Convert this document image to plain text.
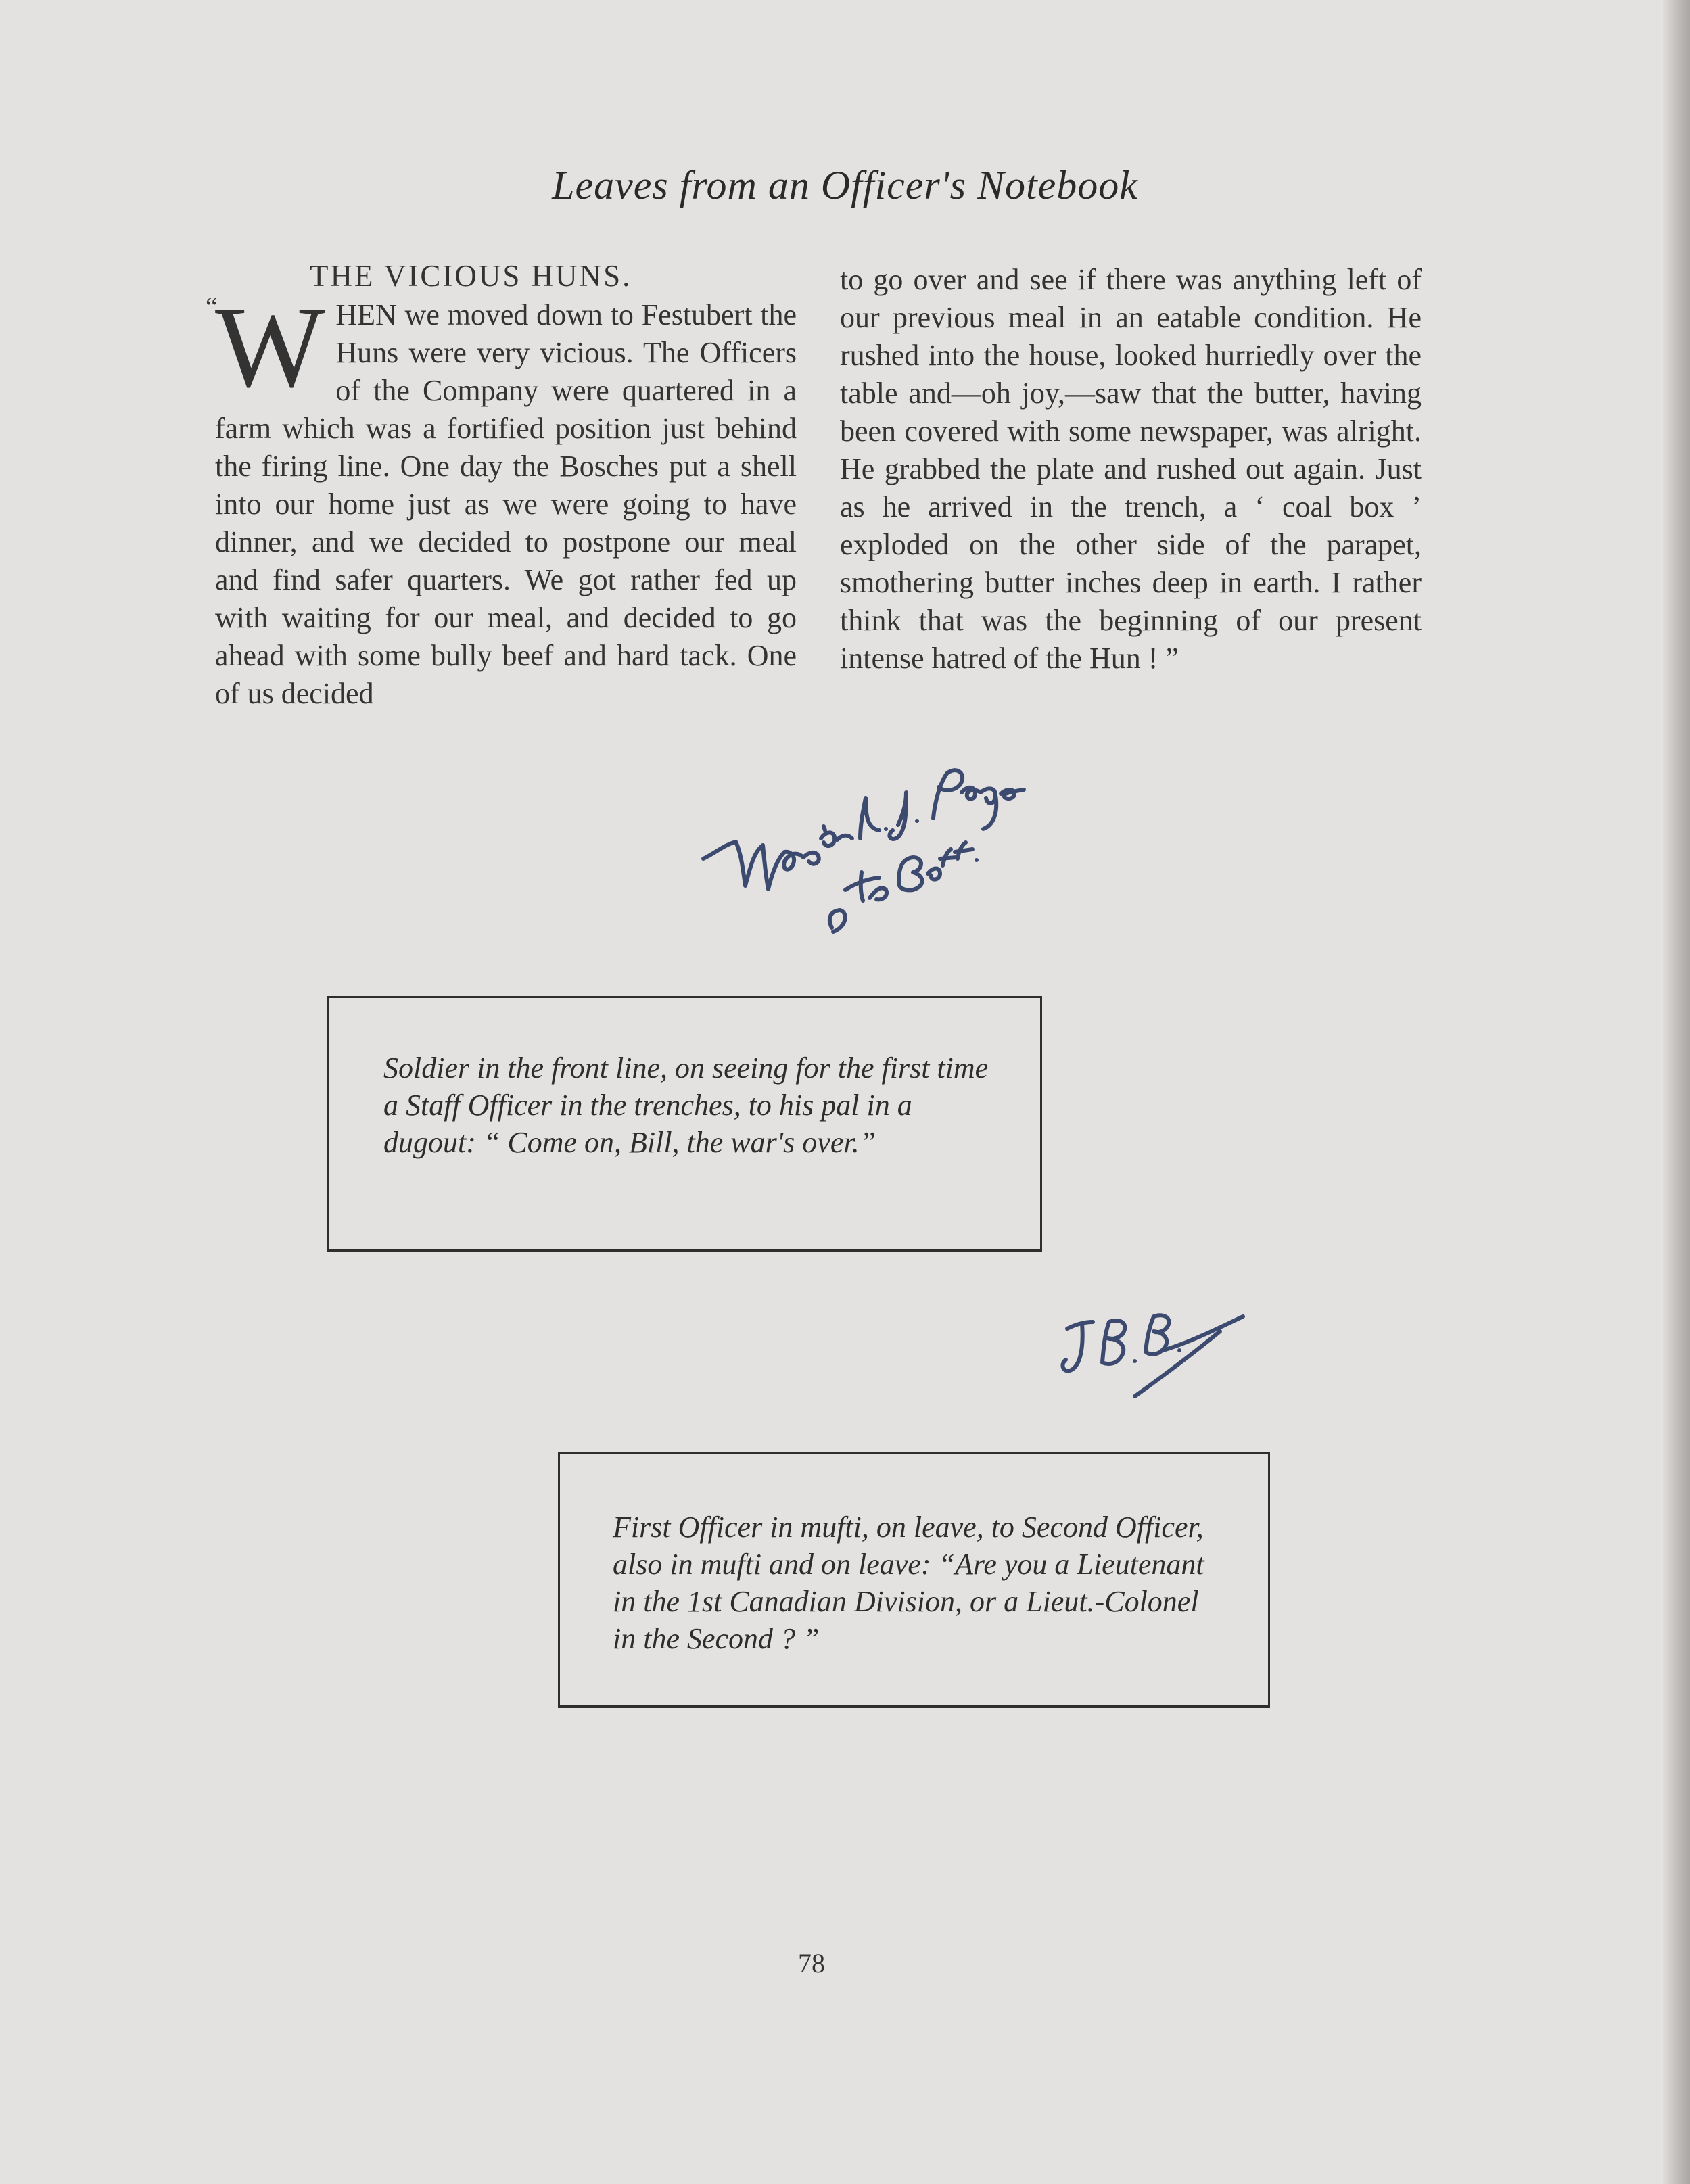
Leaves from an Officer's Notebook
THE VICIOUS HUNS.
“
W HEN we moved down to Festubert the Huns were very vicious. The Officers of the Company were quartered in a farm which was a fortified position just behind the firing line. One day the Bosches put a shell into our home just as we were going to have dinner, and we decided to postpone our meal and find safer quarters. We got rather fed up with waiting for our meal, and decided to go ahead with some bully beef and hard tack. One of us decided

to go over and see if there was anything left of our previous meal in an eatable condition. He rushed into the house, looked hurriedly over the table and—oh joy,—saw that the butter, having been covered with some newspaper, was alright. He grabbed the plate and rushed out again. Just as he arrived in the trench, a ‘ coal box ’ exploded on the other side of the parapet, smothering butter inches deep in earth. I rather think that was the beginning of our present intense hatred of the Hun ! ”

Soldier in the front line, on seeing for the first time a Staff Officer in the trenches, to his pal in a dugout: “ Come on, Bill, the war's over.”

First Officer in mufti, on leave, to Second Officer, also in mufti and on leave: “Are you a Lieutenant in the 1st Canadian Division, or a Lieut.-Colonel in the Second ? ”

78
